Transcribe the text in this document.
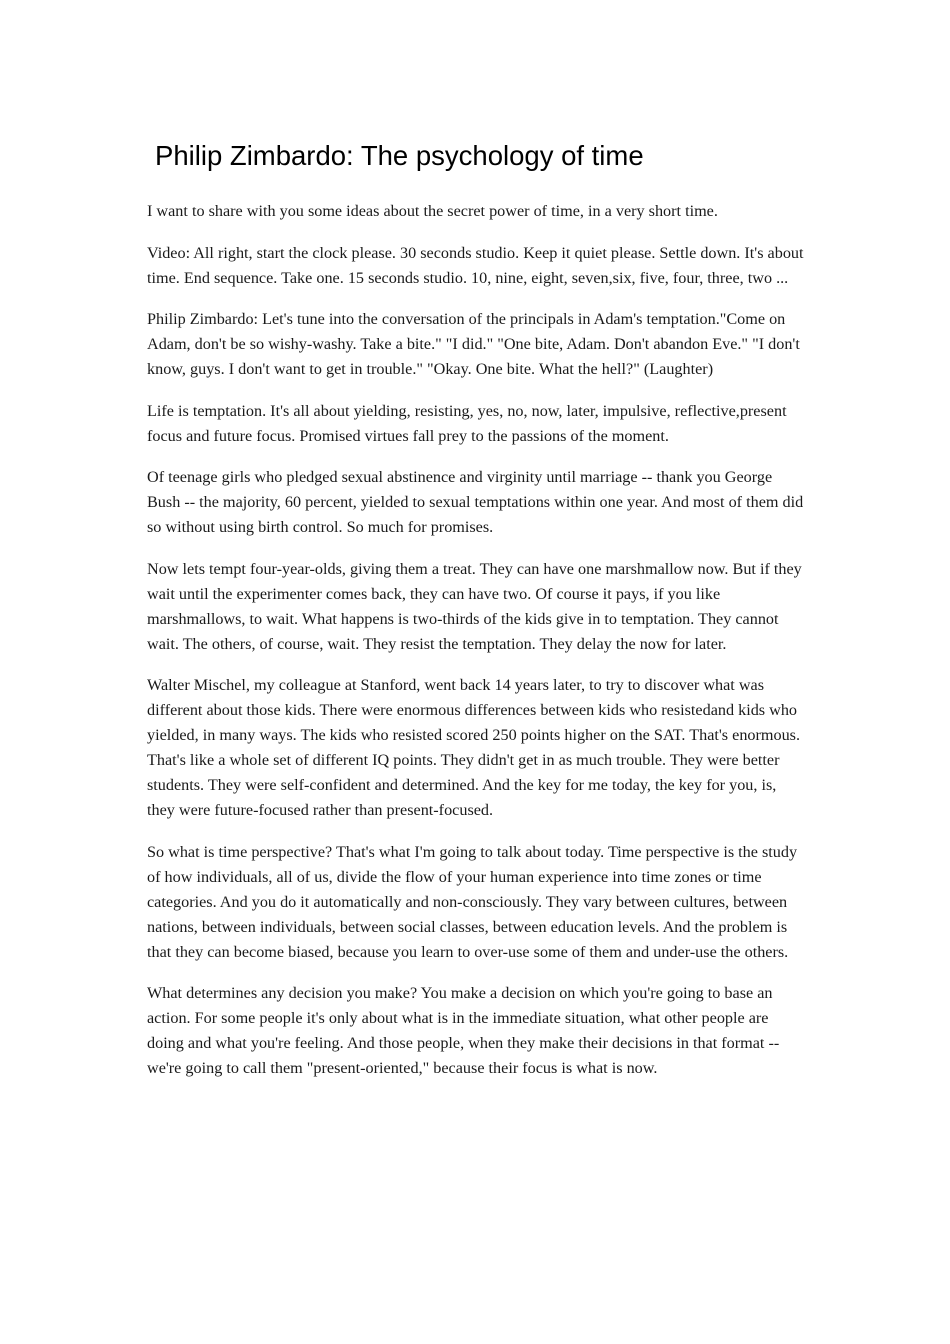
Philip Zimbardo: The psychology of time

I want to share with you some ideas about the secret power of time, in a very short time.

Video: All right, start the clock please. 30 seconds studio. Keep it quiet please. Settle down. It's about time. End sequence. Take one. 15 seconds studio. 10, nine, eight, seven,six, five, four, three, two ...

Philip Zimbardo: Let's tune into the conversation of the principals in Adam's temptation."Come on Adam, don't be so wishy-washy. Take a bite." "I did." "One bite, Adam. Don't abandon Eve." "I don't know, guys. I don't want to get in trouble." "Okay. One bite. What the hell?" (Laughter)

Life is temptation. It's all about yielding, resisting, yes, no, now, later, impulsive, reflective,present focus and future focus. Promised virtues fall prey to the passions of the moment.

Of teenage girls who pledged sexual abstinence and virginity until marriage -- thank you George Bush -- the majority, 60 percent, yielded to sexual temptations within one year. And most of them did so without using birth control. So much for promises.

Now lets tempt four-year-olds, giving them a treat. They can have one marshmallow now. But if they wait until the experimenter comes back, they can have two. Of course it pays, if you like marshmallows, to wait. What happens is two-thirds of the kids give in to temptation. They cannot wait. The others, of course, wait. They resist the temptation. They delay the now for later.

Walter Mischel, my colleague at Stanford, went back 14 years later, to try to discover what was different about those kids. There were enormous differences between kids who resistedand kids who yielded, in many ways. The kids who resisted scored 250 points higher on the SAT. That's enormous. That's like a whole set of different IQ points. They didn't get in as much trouble. They were better students. They were self-confident and determined. And the key for me today, the key for you, is, they were future-focused rather than present-focused.

So what is time perspective? That's what I'm going to talk about today. Time perspective is the study of how individuals, all of us, divide the flow of your human experience into time zones or time categories. And you do it automatically and non-consciously. They vary between cultures, between nations, between individuals, between social classes, between education levels. And the problem is that they can become biased, because you learn to over-use some of them and under-use the others.

What determines any decision you make? You make a decision on which you're going to base an action. For some people it's only about what is in the immediate situation, what other people are doing and what you're feeling. And those people, when they make their decisions in that format -- we're going to call them "present-oriented," because their focus is what is now.
